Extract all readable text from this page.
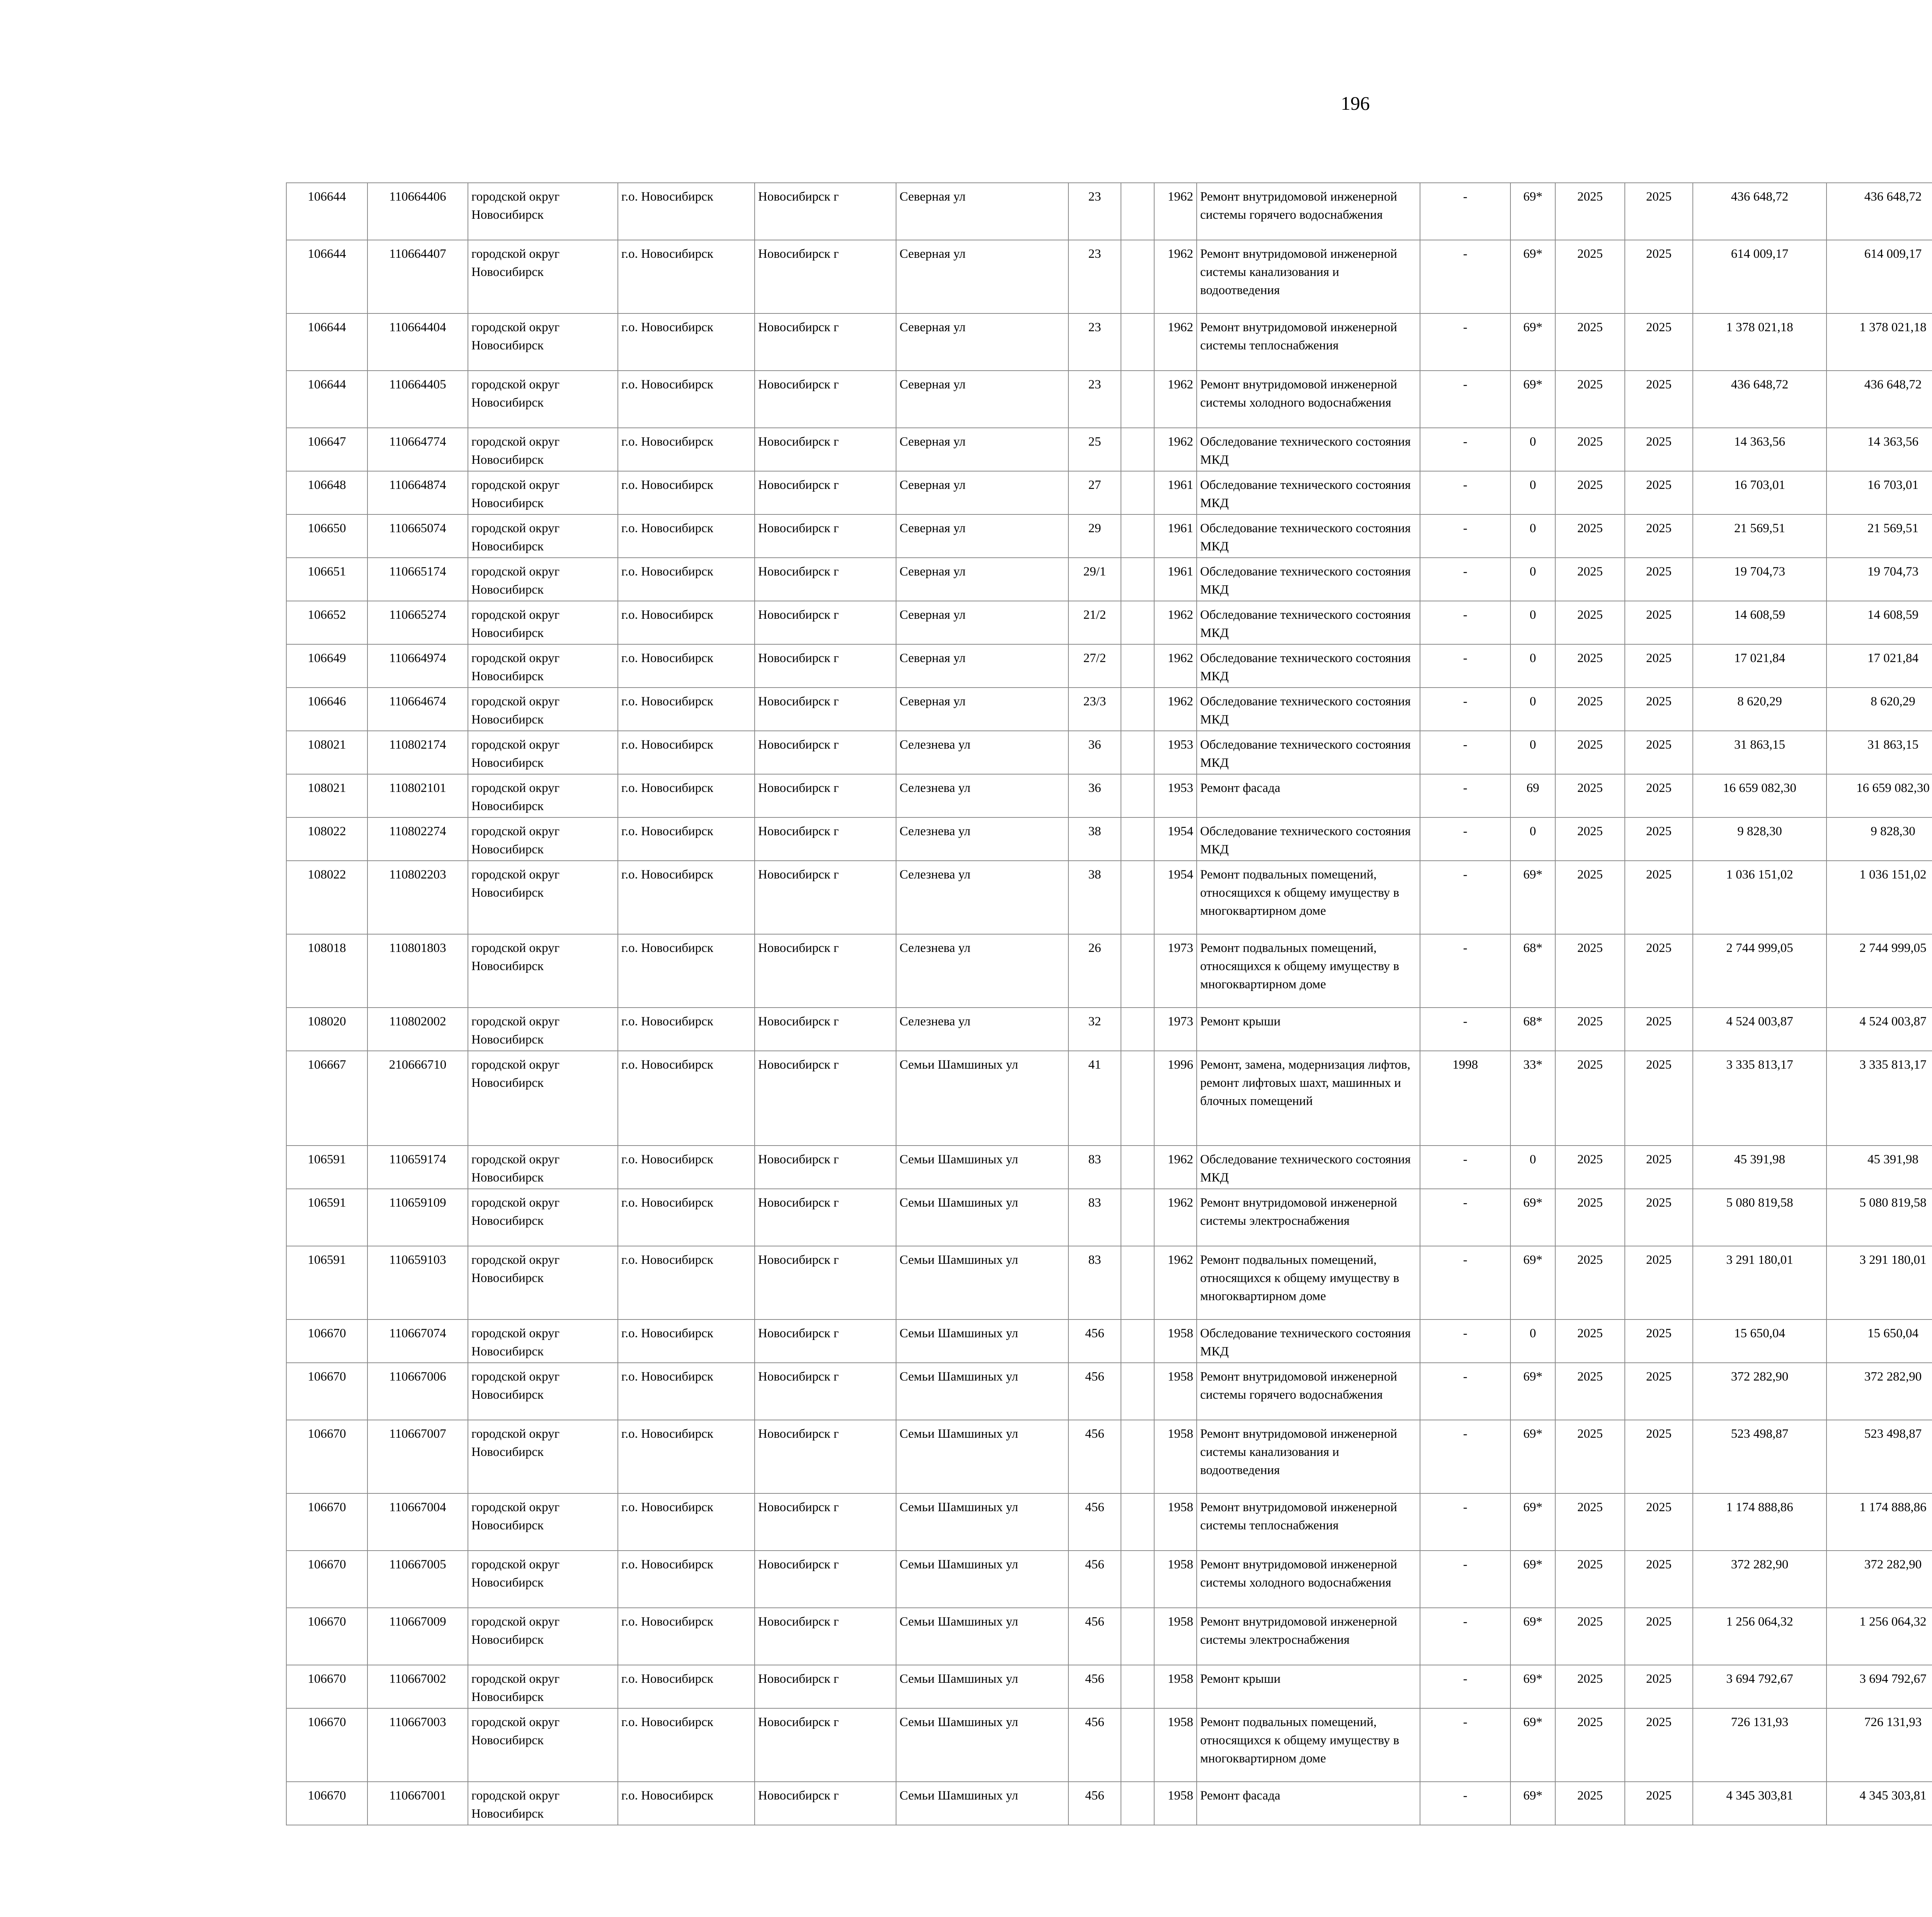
196
106644	110664406	городской округ Новосибирск	г.о. Новосибирск	Новосибирск г	Северная ул	23		1962	Ремонт внутридомовой инженерной системы горячего водоснабжения	-	69*	2025	2025	436 648,72	436 648,72						
106644	110664407	городской округ Новосибирск	г.о. Новосибирск	Новосибирск г	Северная ул	23		1962	Ремонт внутридомовой инженерной системы канализования и водоотведения	-	69*	2025	2025	614 009,17	614 009,17						
106644	110664404	городской округ Новосибирск	г.о. Новосибирск	Новосибирск г	Северная ул	23		1962	Ремонт внутридомовой инженерной системы теплоснабжения	-	69*	2025	2025	1 378 021,18	1 378 021,18						
106644	110664405	городской округ Новосибирск	г.о. Новосибирск	Новосибирск г	Северная ул	23		1962	Ремонт внутридомовой инженерной системы холодного водоснабжения	-	69*	2025	2025	436 648,72	436 648,72						
106647	110664774	городской округ Новосибирск	г.о. Новосибирск	Новосибирск г	Северная ул	25		1962	Обследование технического состояния МКД	-	0	2025	2025	14 363,56	14 363,56						
106648	110664874	городской округ Новосибирск	г.о. Новосибирск	Новосибирск г	Северная ул	27		1961	Обследование технического состояния МКД	-	0	2025	2025	16 703,01	16 703,01						
106650	110665074	городской округ Новосибирск	г.о. Новосибирск	Новосибирск г	Северная ул	29		1961	Обследование технического состояния МКД	-	0	2025	2025	21 569,51	21 569,51						
106651	110665174	городской округ Новосибирск	г.о. Новосибирск	Новосибирск г	Северная ул	29/1		1961	Обследование технического состояния МКД	-	0	2025	2025	19 704,73	19 704,73						
106652	110665274	городской округ Новосибирск	г.о. Новосибирск	Новосибирск г	Северная ул	21/2		1962	Обследование технического состояния МКД	-	0	2025	2025	14 608,59	14 608,59						
106649	110664974	городской округ Новосибирск	г.о. Новосибирск	Новосибирск г	Северная ул	27/2		1962	Обследование технического состояния МКД	-	0	2025	2025	17 021,84	17 021,84						
106646	110664674	городской округ Новосибирск	г.о. Новосибирск	Новосибирск г	Северная ул	23/3		1962	Обследование технического состояния МКД	-	0	2025	2025	8 620,29	8 620,29						
108021	110802174	городской округ Новосибирск	г.о. Новосибирск	Новосибирск г	Селезнева ул	36		1953	Обследование технического состояния МКД	-	0	2025	2025	31 863,15	31 863,15						
108021	110802101	городской округ Новосибирск	г.о. Новосибирск	Новосибирск г	Селезнева ул	36		1953	Ремонт фасада	-	69	2025	2025	16 659 082,30	16 659 082,30						
108022	110802274	городской округ Новосибирск	г.о. Новосибирск	Новосибирск г	Селезнева ул	38		1954	Обследование технического состояния МКД	-	0	2025	2025	9 828,30	9 828,30						
108022	110802203	городской округ Новосибирск	г.о. Новосибирск	Новосибирск г	Селезнева ул	38		1954	Ремонт подвальных помещений, относящихся к общему имуществу в многоквартирном доме	-	69*	2025	2025	1 036 151,02	1 036 151,02						
108018	110801803	городской округ Новосибирск	г.о. Новосибирск	Новосибирск г	Селезнева ул	26		1973	Ремонт подвальных помещений, относящихся к общему имуществу в многоквартирном доме	-	68*	2025	2025	2 744 999,05	2 744 999,05						
108020	110802002	городской округ Новосибирск	г.о. Новосибирск	Новосибирск г	Селезнева ул	32		1973	Ремонт крыши	-	68*	2025	2025	4 524 003,87	4 524 003,87						
106667	210666710	городской округ Новосибирск	г.о. Новосибирск	Новосибирск г	Семьи Шамшиных ул	41		1996	Ремонт, замена, модернизация лифтов, ремонт лифтовых шахт, машинных и блочных помещений	1998	33*	2025	2025	3 335 813,17	3 335 813,17						
106591	110659174	городской округ Новосибирск	г.о. Новосибирск	Новосибирск г	Семьи Шамшиных ул	83		1962	Обследование технического состояния МКД	-	0	2025	2025	45 391,98	45 391,98						
106591	110659109	городской округ Новосибирск	г.о. Новосибирск	Новосибирск г	Семьи Шамшиных ул	83		1962	Ремонт внутридомовой инженерной системы электроснабжения	-	69*	2025	2025	5 080 819,58	5 080 819,58						
106591	110659103	городской округ Новосибирск	г.о. Новосибирск	Новосибирск г	Семьи Шамшиных ул	83		1962	Ремонт подвальных помещений, относящихся к общему имуществу в многоквартирном доме	-	69*	2025	2025	3 291 180,01	3 291 180,01						
106670	110667074	городской округ Новосибирск	г.о. Новосибирск	Новосибирск г	Семьи Шамшиных ул	456		1958	Обследование технического состояния МКД	-	0	2025	2025	15 650,04	15 650,04						
106670	110667006	городской округ Новосибирск	г.о. Новосибирск	Новосибирск г	Семьи Шамшиных ул	456		1958	Ремонт внутридомовой инженерной системы горячего водоснабжения	-	69*	2025	2025	372 282,90	372 282,90						
106670	110667007	городской округ Новосибирск	г.о. Новосибирск	Новосибирск г	Семьи Шамшиных ул	456		1958	Ремонт внутридомовой инженерной системы канализования и водоотведения	-	69*	2025	2025	523 498,87	523 498,87						
106670	110667004	городской округ Новосибирск	г.о. Новосибирск	Новосибирск г	Семьи Шамшиных ул	456		1958	Ремонт внутридомовой инженерной системы теплоснабжения	-	69*	2025	2025	1 174 888,86	1 174 888,86						
106670	110667005	городской округ Новосибирск	г.о. Новосибирск	Новосибирск г	Семьи Шамшиных ул	456		1958	Ремонт внутридомовой инженерной системы холодного водоснабжения	-	69*	2025	2025	372 282,90	372 282,90						
106670	110667009	городской округ Новосибирск	г.о. Новосибирск	Новосибирск г	Семьи Шамшиных ул	456		1958	Ремонт внутридомовой инженерной системы электроснабжения	-	69*	2025	2025	1 256 064,32	1 256 064,32						
106670	110667002	городской округ Новосибирск	г.о. Новосибирск	Новосибирск г	Семьи Шамшиных ул	456		1958	Ремонт крыши	-	69*	2025	2025	3 694 792,67	3 694 792,67						
106670	110667003	городской округ Новосибирск	г.о. Новосибирск	Новосибирск г	Семьи Шамшиных ул	456		1958	Ремонт подвальных помещений, относящихся к общему имуществу в многоквартирном доме	-	69*	2025	2025	726 131,93	726 131,93						
106670	110667001	городской округ Новосибирск	г.о. Новосибирск	Новосибирск г	Семьи Шамшиных ул	456		1958	Ремонт фасада	-	69*	2025	2025	4 345 303,81	4 345 303,81						
